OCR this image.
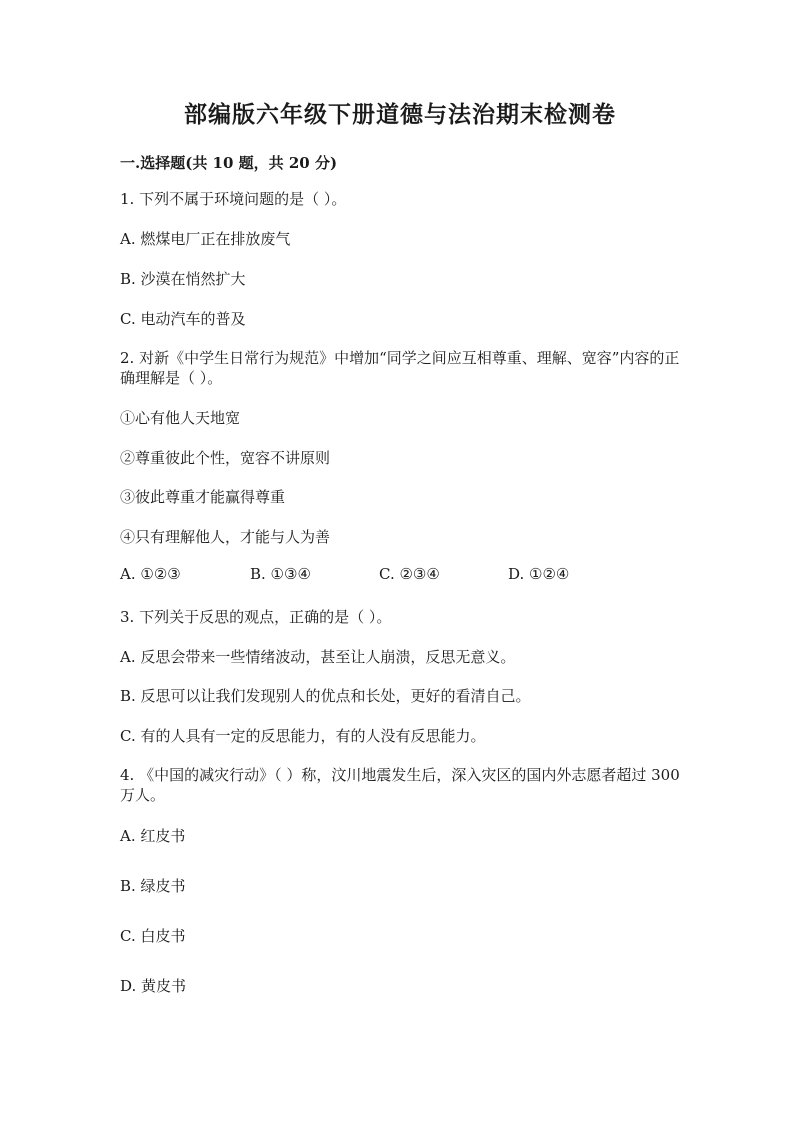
部编版六年级下册道德与法治期末检测卷
一.选择题(共 10 题，共 20 分)
1. 下列不属于环境问题的是（ ）。
A. 燃煤电厂正在排放废气
B. 沙漠在悄然扩大
C. 电动汽车的普及
2. 对新《中学生日常行为规范》中增加“同学之间应互相尊重、理解、宽容”内容的正确理解是（ ）。
①心有他人天地宽
②尊重彼此个性，宽容不讲原则
③彼此尊重才能赢得尊重
④只有理解他人，才能与人为善
A. ①②③	B. ①③④	C. ②③④	D. ①②④
3. 下列关于反思的观点，正确的是（ ）。
A. 反思会带来一些情绪波动，甚至让人崩溃，反思无意义。
B. 反思可以让我们发现别人的优点和长处，更好的看清自己。
C. 有的人具有一定的反思能力，有的人没有反思能力。
4. 《中国的减灾行动》（ ）称，汶川地震发生后，深入灾区的国内外志愿者超过 300 万人。
A. 红皮书
B. 绿皮书
C. 白皮书
D. 黄皮书
